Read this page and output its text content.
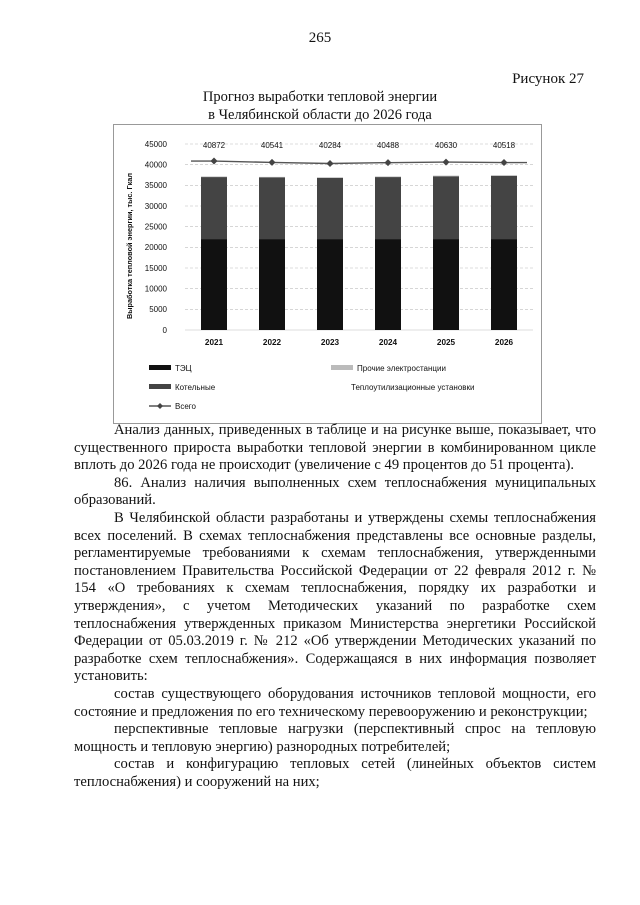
265
Рисунок 27
Прогноз выработки тепловой энергии
в Челябинской области до 2026 года
0
5000
10000
15000
20000
25000
30000
35000
40000
45000	40872	40541	40284	40488	40630	40518
2021	2022	2023	2024	2025	2026
Выработка тепловой энергии, тыс. Гкал
ТЭЦ	Прочие электростанции
Котельные	Теплоутилизационные установки
Всего

Анализ данных, приведенных в таблице и на рисунке выше, показывает, что существенного прироста выработки тепловой энергии в комбинированном цикле вплоть до 2026 года не происходит (увеличение с 49 процентов до 51 процента).

86. Анализ наличия выполненных схем теплоснабжения муниципальных образований.

В Челябинской области разработаны и утверждены схемы теплоснабжения всех поселений. В схемах теплоснабжения представлены все основные разделы, регламентируемые требованиями к схемам теплоснабжения, утвержденными постановлением Правительства Российской Федерации от 22 февраля 2012 г. № 154 «О требованиях к схемам теплоснабжения, порядку их разработки и утверждения», с учетом Методических указаний по разработке схем теплоснабжения утвержденных приказом Министерства энергетики Российской Федерации от 05.03.2019 г. № 212 «Об утверждении Методических указаний по разработке схем теплоснабжения». Содержащаяся в них информация позволяет установить:

состав существующего оборудования источников тепловой мощности, его состояние и предложения по его техническому перевооружению и реконструкции;

перспективные тепловые нагрузки (перспективный спрос на тепловую мощность и тепловую энергию) разнородных потребителей;

состав и конфигурацию тепловых сетей (линейных объектов систем теплоснабжения) и сооружений на них;
